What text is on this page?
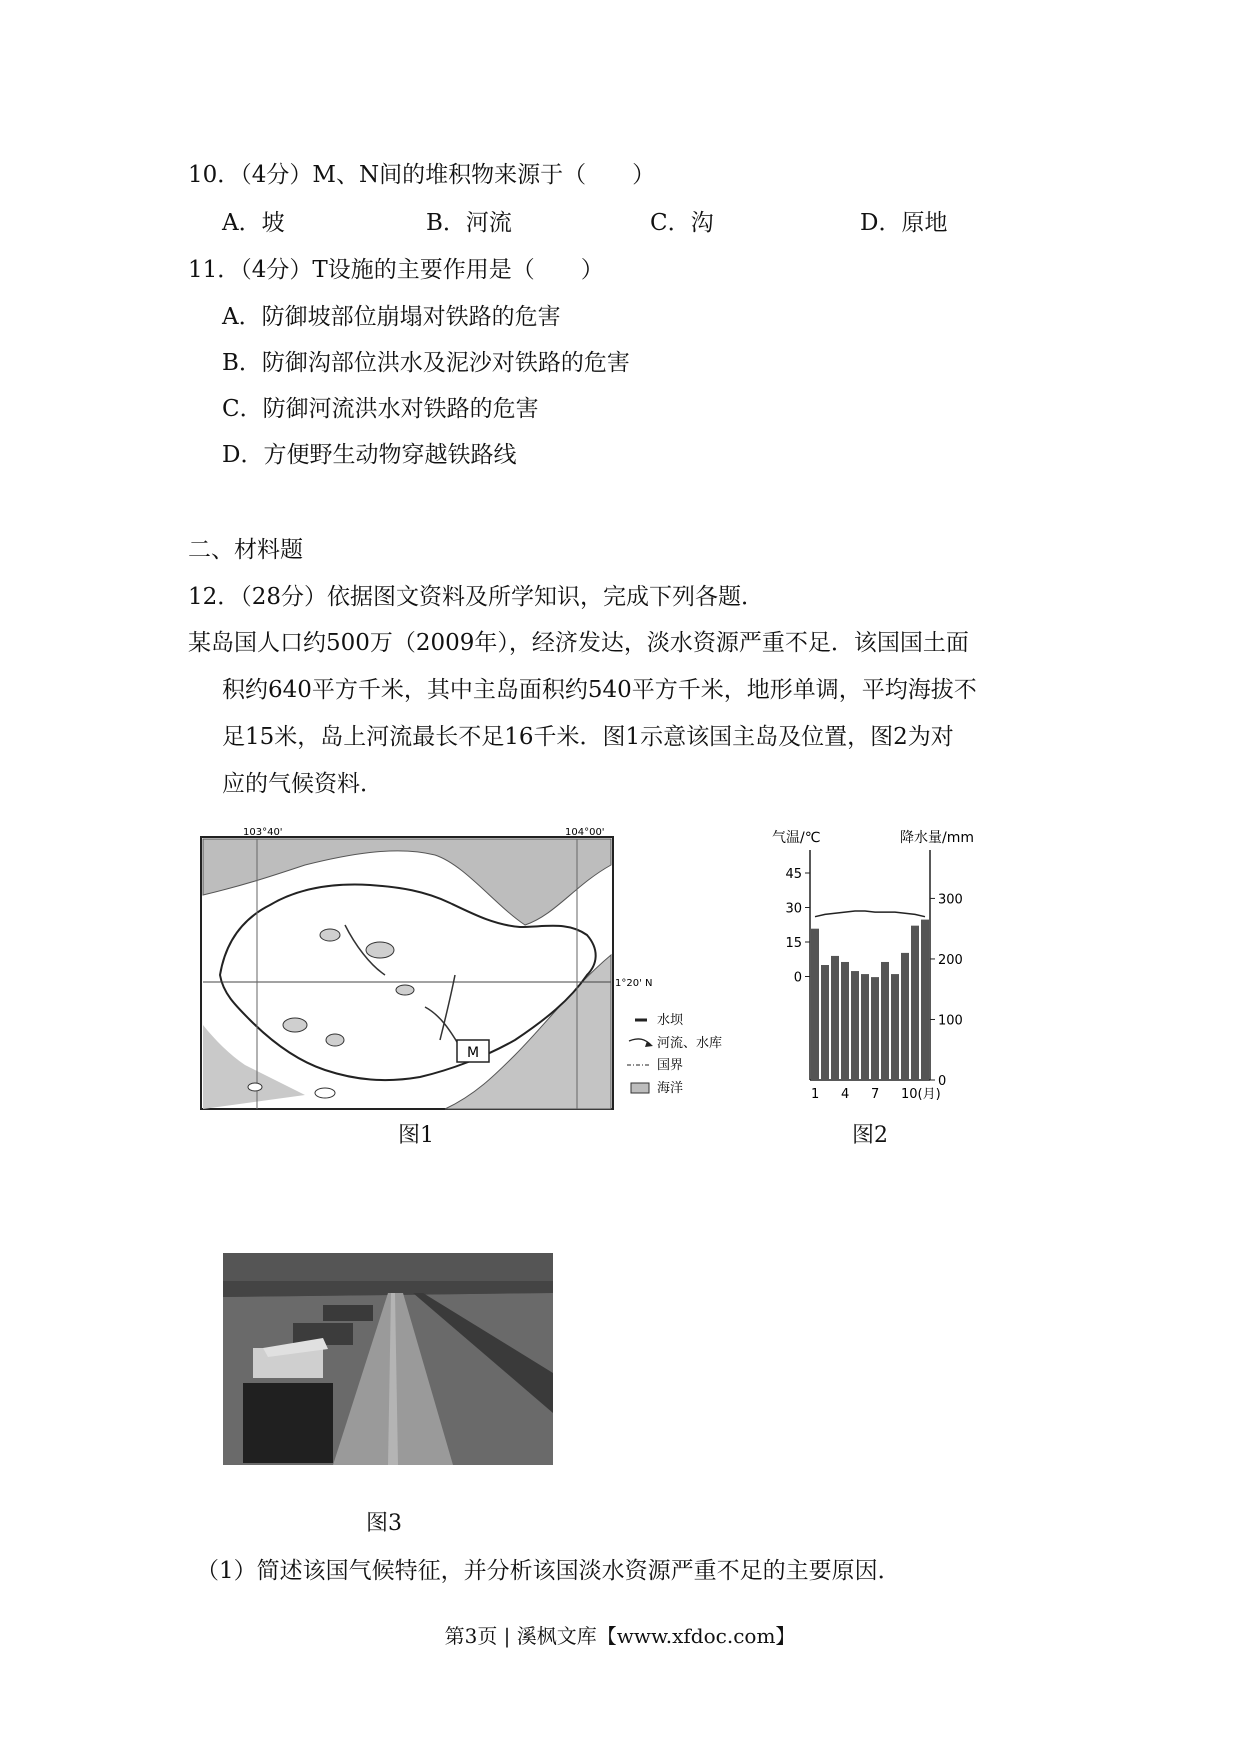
10．（4分）M、N间的堆积物来源于（　　）
A．坡	B．河流	C．沟	D．原地
11．（4分）T设施的主要作用是（　　）
A．防御坡部位崩塌对铁路的危害
B．防御沟部位洪水及泥沙对铁路的危害
C．防御河流洪水对铁路的危害
D．方便野生动物穿越铁路线
二、材料题
12．（28分）依据图文资料及所学知识，完成下列各题．
某岛国人口约500万（2009年），经济发达，淡水资源严重不足．该国国土面
积约640平方千米，其中主岛面积约540平方千米，地形单调，平均海拔不
足15米，岛上河流最长不足16千米．图1示意该国主岛及位置，图2为对
应的气候资料．
M
103°40'	104°00'
1°20' N
水坝
河流、水库
国界
海洋
图1
气温/℃	降水量/mm
45
30
15
0
300
200
100
0
1 4 7 10(月)
图2
图3
（1）简述该国气候特征，并分析该国淡水资源严重不足的主要原因．
第3页 | 溪枫文库【www.xfdoc.com】
